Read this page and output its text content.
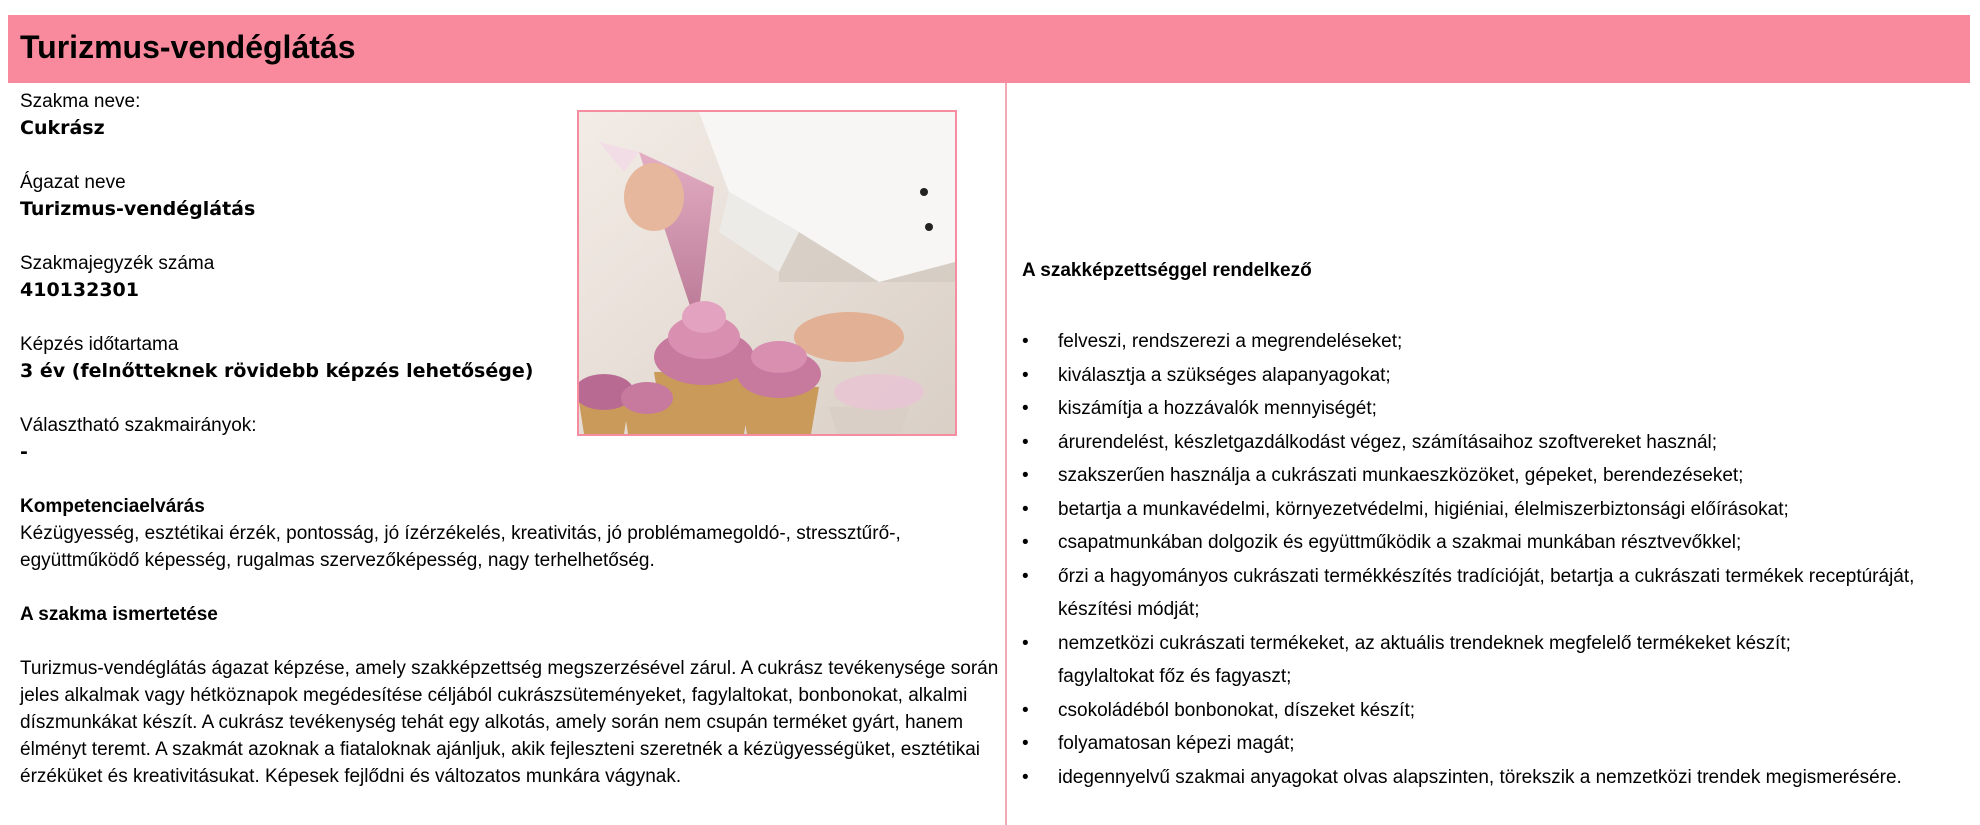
Turizmus-vendéglátás
Szakma neve:
Cukrász
Ágazat neve
Turizmus-vendéglátás
Szakmajegyzék száma
410132301
Képzés időtartama
3 év (felnőtteknek rövidebb képzés lehetősége)
Választható szakmairányok:
-
Kompetenciaelvárás
Kézügyesség, esztétikai érzék, pontosság, jó ízérzékelés, kreativitás, jó problémamegoldó-, stressztűrő-, együttműködő képesség, rugalmas szervezőképesség, nagy terhelhetőség.
A szakma ismertetése
Turizmus-vendéglátás ágazat képzése, amely szakképzettség megszerzésével zárul. A cukrász tevékenysége során jeles alkalmak vagy hétköznapok megédesítése céljából cukrászsüteményeket, fagylaltokat, bonbonokat, alkalmi díszmunkákat készít. A cukrász tevékenység tehát egy alkotás, amely során nem csupán terméket gyárt, hanem élményt teremt. A szakmát azoknak a fiataloknak ajánljuk, akik fejleszteni szeretnék a kézügyességüket, esztétikai érzéküket és kreativitásukat. Képesek fejlődni és változatos munkára vágynak.
A szakképzettséggel rendelkező
• felveszi, rendszerezi a megrendeléseket;
• kiválasztja a szükséges alapanyagokat;
• kiszámítja a hozzávalók mennyiségét;
• árurendelést, készletgazdálkodást végez, számításaihoz szoftvereket használ;
• szakszerűen használja a cukrászati munkaeszközöket, gépeket, berendezéseket;
• betartja a munkavédelmi, környezetvédelmi, higiéniai, élelmiszerbiztonsági előírásokat;
• csapatmunkában dolgozik és együttműködik a szakmai munkában résztvevőkkel;
• őrzi a hagyományos cukrászati termékkészítés tradícióját, betartja a cukrászati termékek receptúráját,
készítési módját;
• nemzetközi cukrászati termékeket, az aktuális trendeknek megfelelő termékeket készít;
fagylaltokat főz és fagyaszt;
• csokoládéból bonbonokat, díszeket készít;
• folyamatosan képezi magát;
• idegennyelvű szakmai anyagokat olvas alapszinten, törekszik a nemzetközi trendek megismerésére.
